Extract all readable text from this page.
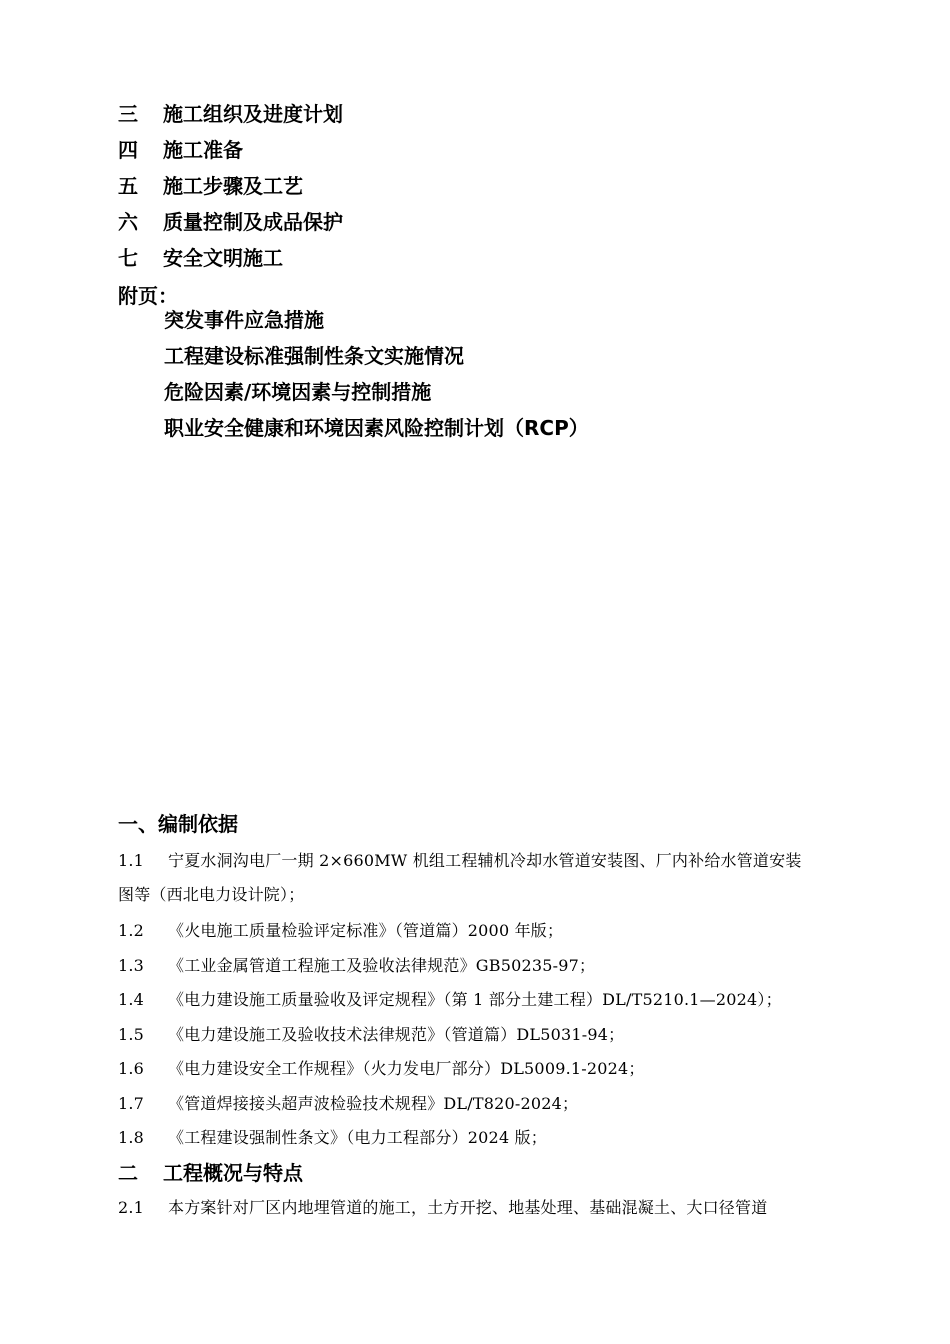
三 施工组织及进度计划
四 施工准备
五 施工步骤及工艺
六 质量控制及成品保护
七 安全文明施工
附页：
突发事件应急措施
工程建设标准强制性条文实施情况
危险因素/环境因素与控制措施
职业安全健康和环境因素风险控制计划（RCP）
一、编制依据
1.1 宁夏水洞沟电厂一期 2×660MW 机组工程辅机冷却水管道安装图、厂内补给水管道安装
图等（西北电力设计院）；
1.2 《火电施工质量检验评定标准》（管道篇）2000 年版；
1.3 《工业金属管道工程施工及验收法律规范》GB50235-97；
1.4 《电力建设施工质量验收及评定规程》（第 1 部分土建工程）DL/T5210.1—2024）；
1.5 《电力建设施工及验收技术法律规范》（管道篇）DL5031-94；
1.6 《电力建设安全工作规程》（火力发电厂部分）DL5009.1-2024；
1.7 《管道焊接接头超声波检验技术规程》DL/T820-2024；
1.8 《工程建设强制性条文》（电力工程部分）2024 版；
二 工程概况与特点
2.1 本方案针对厂区内地埋管道的施工，土方开挖、地基处理、基础混凝土、大口径管道
